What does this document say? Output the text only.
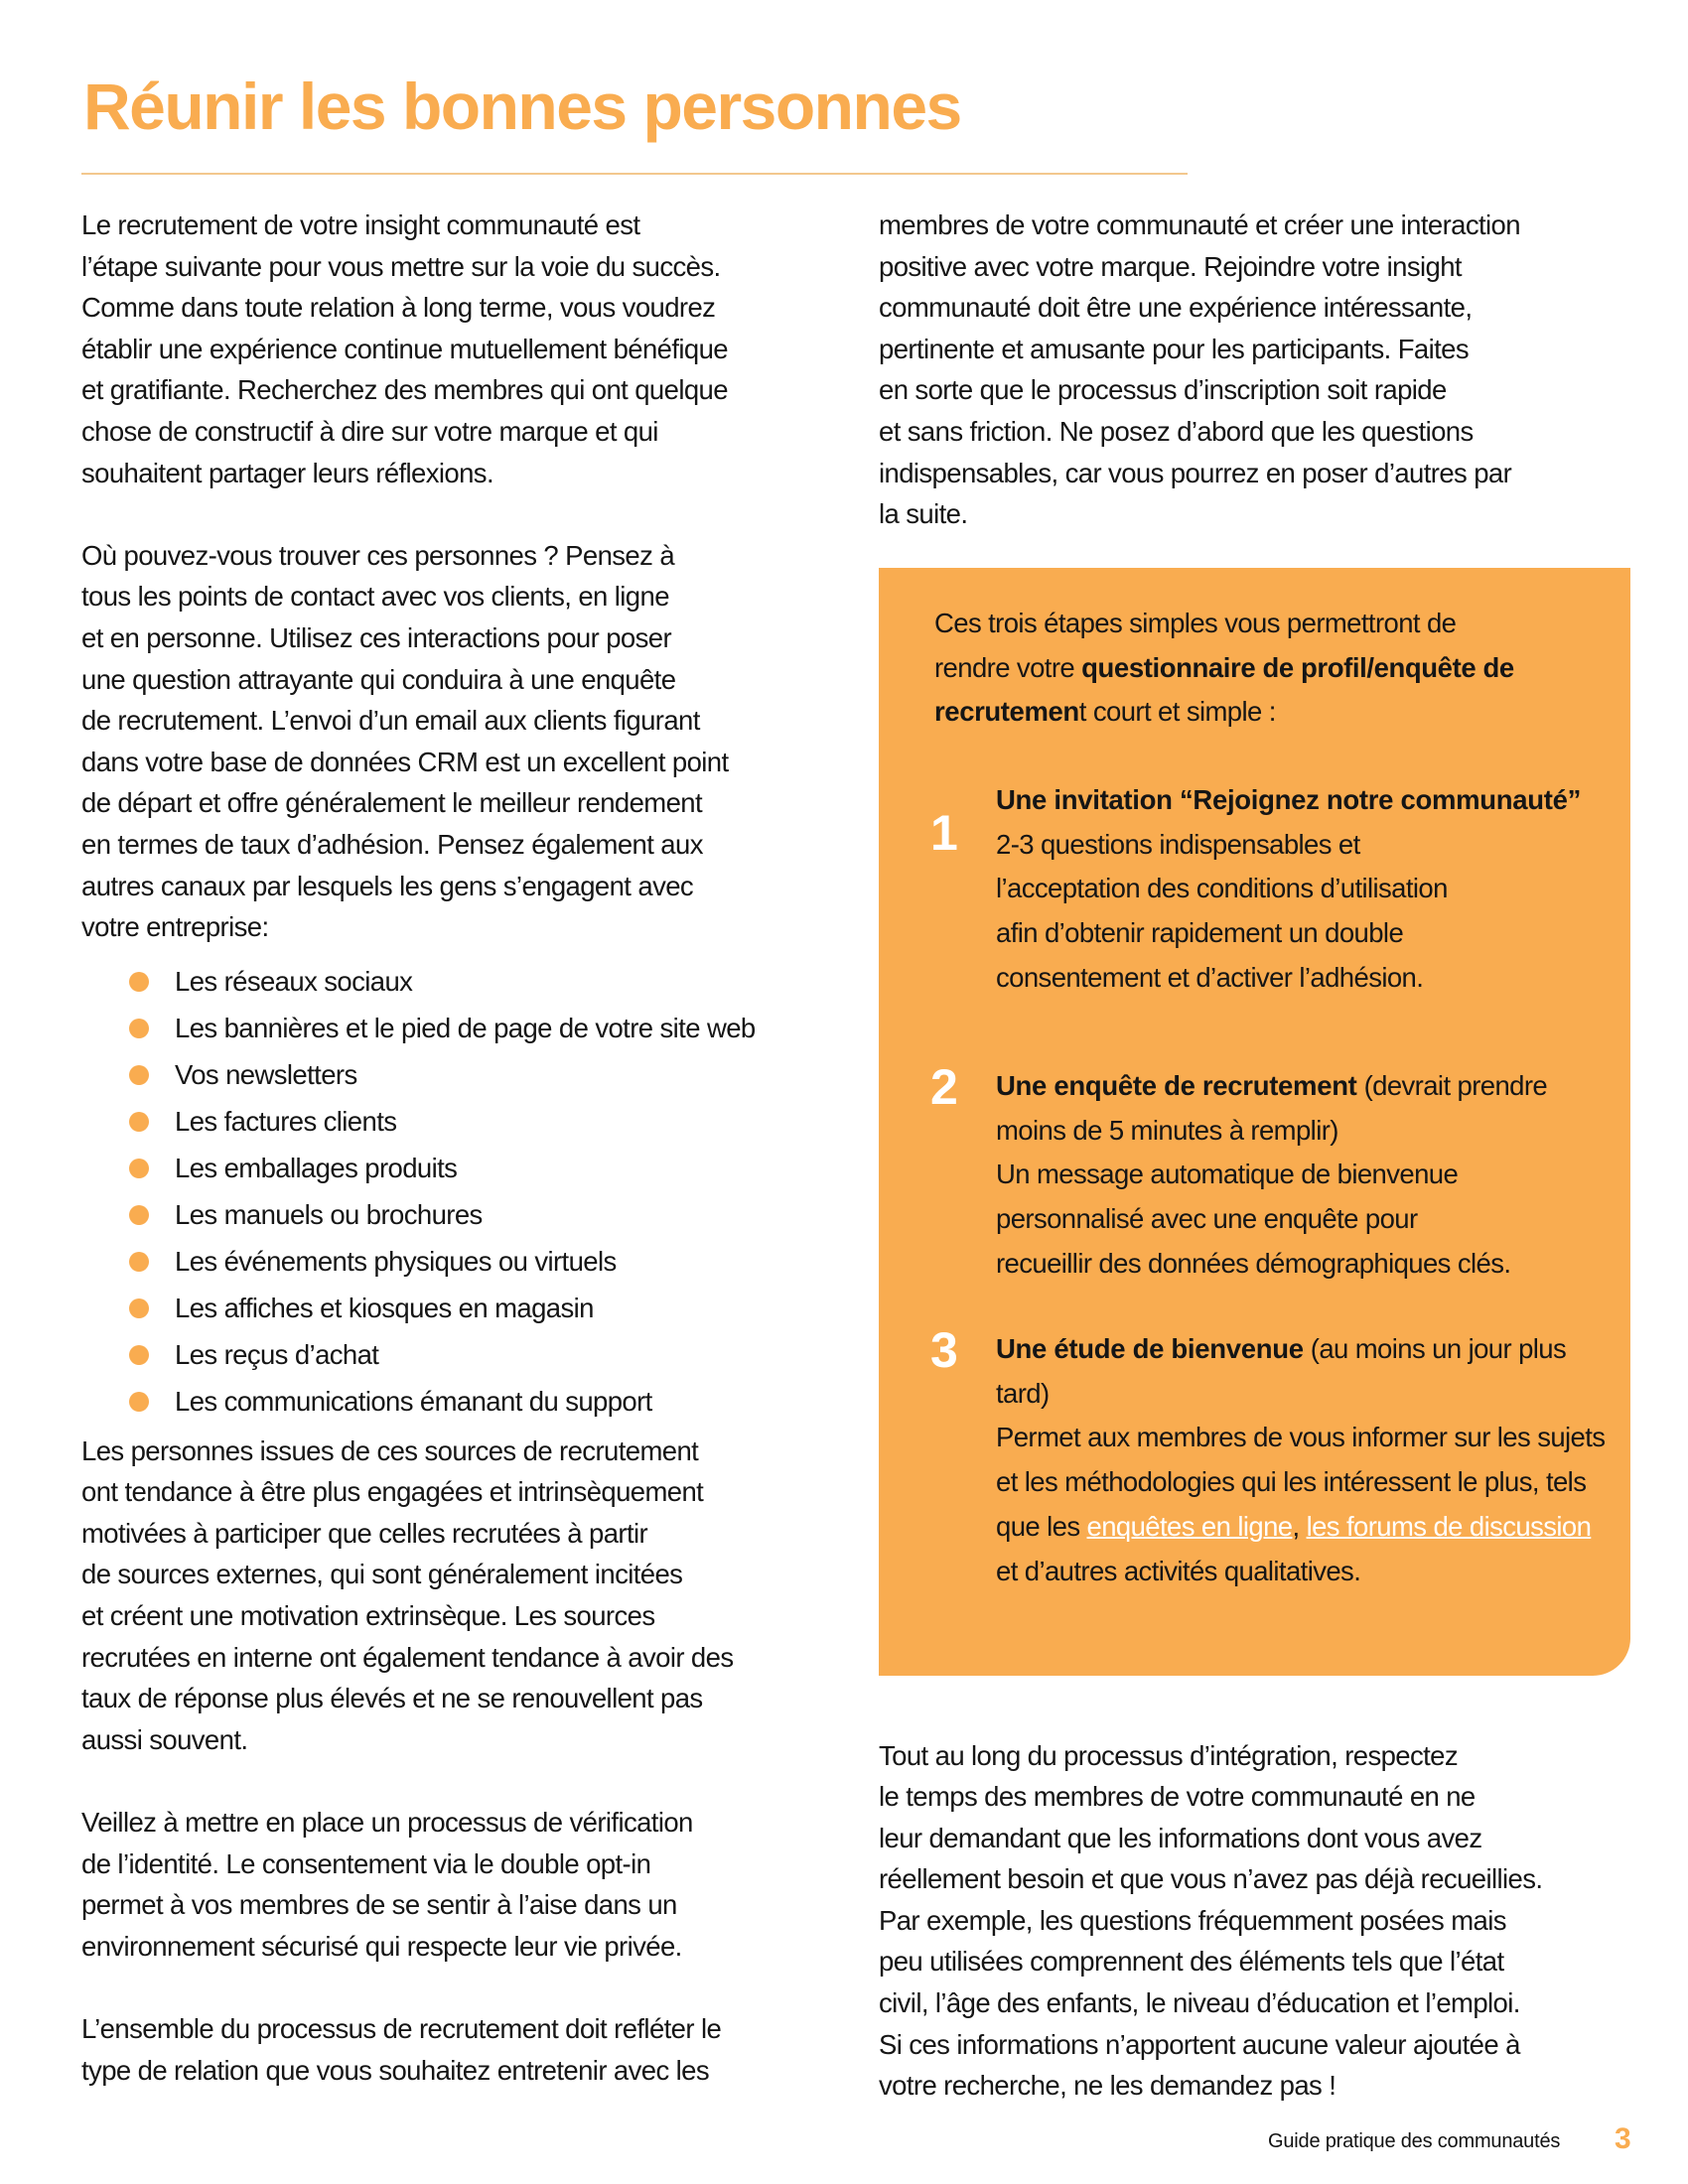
Réunir les bonnes personnes

Le recrutement de votre insight communauté est
l’étape suivante pour vous mettre sur la voie du succès.
Comme dans toute relation à long terme, vous voudrez
établir une expérience continue mutuellement bénéfique
et gratifiante. Recherchez des membres qui ont quelque
chose de constructif à dire sur votre marque et qui
souhaitent partager leurs réflexions.

Où pouvez-vous trouver ces personnes ? Pensez à
tous les points de contact avec vos clients, en ligne
et en personne. Utilisez ces interactions pour poser
une question attrayante qui conduira à une enquête
de recrutement. L’envoi d’un email aux clients figurant
dans votre base de données CRM est un excellent point
de départ et offre généralement le meilleur rendement
en termes de taux d’adhésion. Pensez également aux
autres canaux par lesquels les gens s’engagent avec
votre entreprise:

Les réseaux sociaux
Les bannières et le pied de page de votre site web
Vos newsletters
Les factures clients
Les emballages produits
Les manuels ou brochures
Les événements physiques ou virtuels
Les affiches et kiosques en magasin
Les reçus d’achat
Les communications émanant du support

Les personnes issues de ces sources de recrutement
ont tendance à être plus engagées et intrinsèquement
motivées à participer que celles recrutées à partir
de sources externes, qui sont généralement incitées
et créent une motivation extrinsèque. Les sources
recrutées en interne ont également tendance à avoir des
taux de réponse plus élevés et ne se renouvellent pas
aussi souvent.

Veillez à mettre en place un processus de vérification
de l’identité. Le consentement via le double opt-in
permet à vos membres de se sentir à l’aise dans un
environnement sécurisé qui respecte leur vie privée.

L’ensemble du processus de recrutement doit refléter le
type de relation que vous souhaitez entretenir avec les

membres de votre communauté et créer une interaction
positive avec votre marque. Rejoindre votre insight
communauté doit être une expérience intéressante,
pertinente et amusante pour les participants. Faites
en sorte que le processus d’inscription soit rapide
et sans friction. Ne posez d’abord que les questions
indispensables, car vous pourrez en poser d’autres par
la suite.

Ces trois étapes simples vous permettront de
rendre votre questionnaire de profil/enquête de recrutement court et simple :
1
Une invitation “Rejoignez notre communauté”
2-3 questions indispensables et
l’acceptation des conditions d’utilisation
afin d’obtenir rapidement un double
consentement et d’activer l’adhésion.
2 Une enquête de recrutement (devrait prendre moins de 5 minutes à remplir)
Un message automatique de bienvenue
personnalisé avec une enquête pour
recueillir des données démographiques clés.
3 Une étude de bienvenue (au moins un jour plus tard)
Permet aux membres de vous informer sur les sujets et les méthodologies qui les intéressent le plus, tels que les enquêtes en ligne, les forums de discussion et d’autres activités qualitatives.

Tout au long du processus d’intégration, respectez
le temps des membres de votre communauté en ne
leur demandant que les informations dont vous avez
réellement besoin et que vous n’avez pas déjà recueillies.
Par exemple, les questions fréquemment posées mais
peu utilisées comprennent des éléments tels que l’état
civil, l’âge des enfants, le niveau d’éducation et l’emploi.
Si ces informations n’apportent aucune valeur ajoutée à
votre recherche, ne les demandez pas !

Guide pratique des communautés 3
